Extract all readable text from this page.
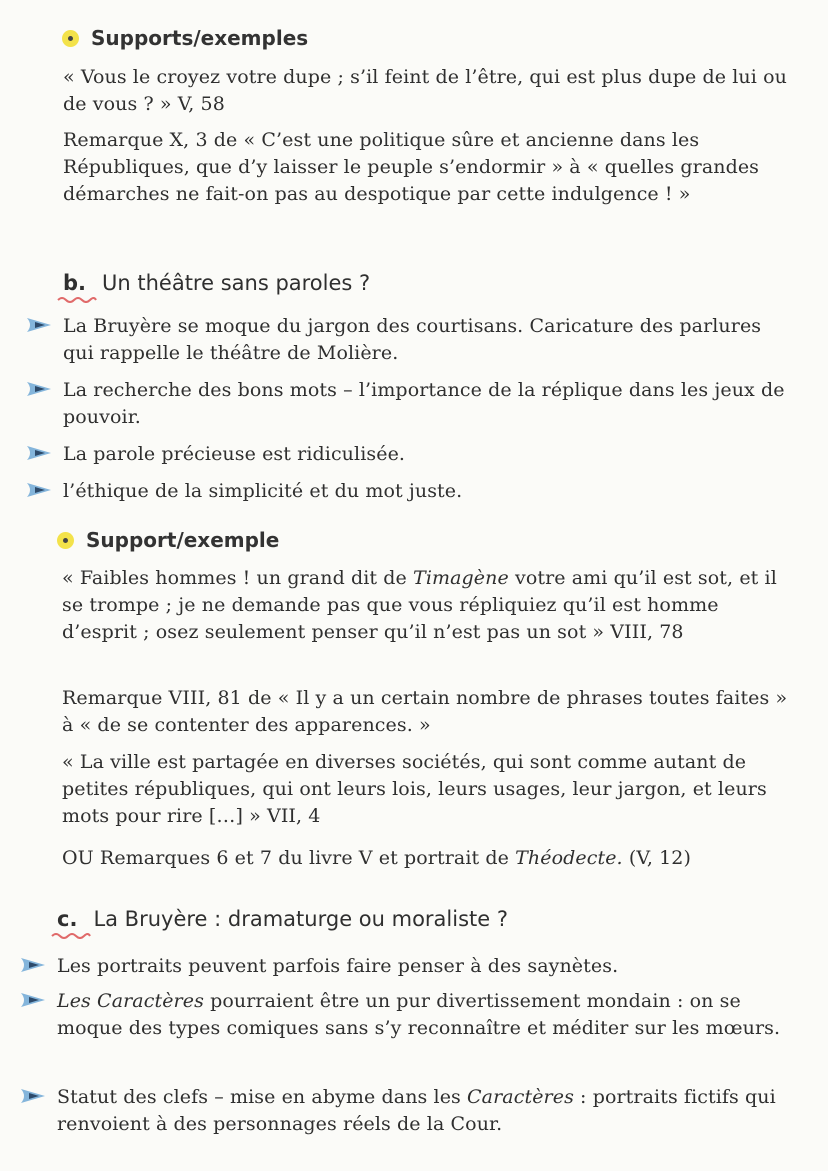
Supports/exemples
« Vous le croyez votre dupe ; s’il feint de l’être, qui est plus dupe de lui ou de vous ? » V, 58
Remarque X, 3 de « C’est une politique sûre et ancienne dans les Républiques, que d’y laisser le peuple s’endormir » à « quelles grandes démarches ne fait-on pas au despotique par cette indulgence ! »
b. Un théâtre sans paroles ?
La Bruyère se moque du jargon des courtisans. Caricature des parlures qui rappelle le théâtre de Molière.
La recherche des bons mots – l’importance de la réplique dans les jeux de pouvoir.
La parole précieuse est ridiculisée.
l’éthique de la simplicité et du mot juste.
Support/exemple
« Faibles hommes ! un grand dit de Timagène votre ami qu’il est sot, et il se trompe ; je ne demande pas que vous répliquiez qu’il est homme d’esprit ; osez seulement penser qu’il n’est pas un sot » VIII, 78
Remarque VIII, 81 de « Il y a un certain nombre de phrases toutes faites » à « de se contenter des apparences. »
« La ville est partagée en diverses sociétés, qui sont comme autant de petites républiques, qui ont leurs lois, leurs usages, leur jargon, et leurs mots pour rire […] » VII, 4
OU Remarques 6 et 7 du livre V et portrait de Théodecte. (V, 12)
c. La Bruyère : dramaturge ou moraliste ?
Les portraits peuvent parfois faire penser à des saynètes.
Les Caractères pourraient être un pur divertissement mondain : on se moque des types comiques sans s’y reconnaître et méditer sur les mœurs.
Statut des clefs – mise en abyme dans les Caractères : portraits fictifs qui renvoient à des personnages réels de la Cour.
